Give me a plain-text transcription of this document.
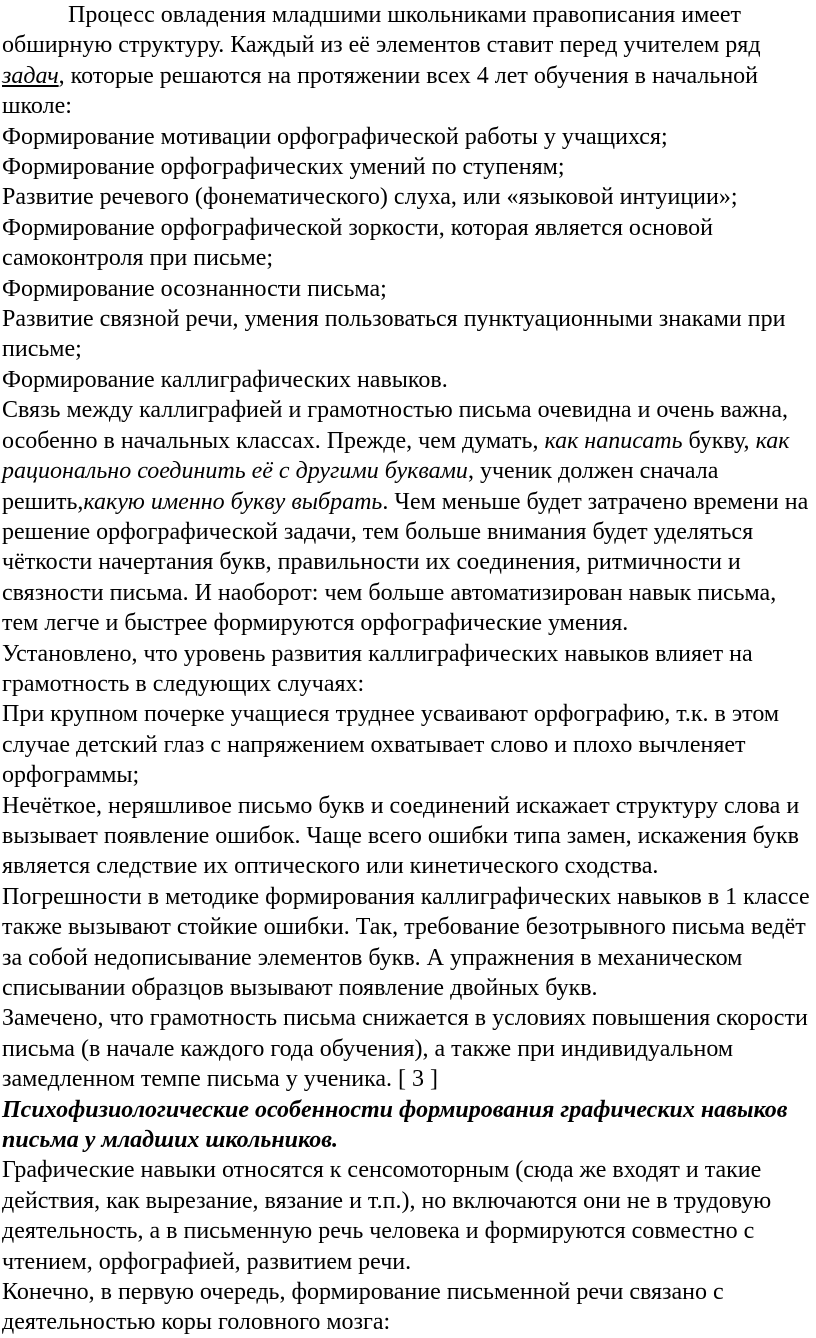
Процесс овладения младшими школьниками правописания имеет обширную структуру. Каждый из её элементов ставит перед учителем ряд задач, которые решаются на протяжении всех 4 лет обучения в начальной школе:

Формирование мотивации орфографической работы у учащихся;

Формирование орфографических умений по ступеням;

Развитие речевого (фонематического) слуха, или «языковой интуиции»;

Формирование орфографической зоркости, которая является основой самоконтроля при письме;

Формирование осознанности письма;

Развитие связной речи, умения пользоваться пунктуационными знаками при письме;

Формирование каллиграфических навыков.

Связь между каллиграфией и грамотностью письма очевидна и очень важна, особенно в начальных классах. Прежде, чем думать, как написать букву, как рационально соединить её с другими буквами, ученик должен сначала решить,какую именно букву выбрать. Чем меньше будет затрачено времени на решение орфографической задачи, тем больше внимания будет уделяться чёткости начертания букв, правильности их соединения, ритмичности и связности письма. И наоборот: чем больше автоматизирован навык письма, тем легче и быстрее формируются орфографические умения.

Установлено, что уровень развития каллиграфических навыков влияет на грамотность в следующих случаях:

При крупном почерке учащиеся труднее усваивают орфографию, т.к. в этом случае детский глаз с напряжением охватывает слово и плохо вычленяет орфограммы;

Нечёткое, неряшливое письмо букв и соединений искажает структуру слова и вызывает появление ошибок. Чаще всего ошибки типа замен, искажения букв является следствие их оптического или кинетического сходства.

Погрешности в методике формирования каллиграфических навыков в 1 классе также вызывают стойкие ошибки. Так, требование безотрывного письма ведёт за собой недописывание элементов букв. А упражнения в механическом списывании образцов вызывают появление двойных букв.

Замечено, что грамотность письма снижается в условиях повышения скорости письма (в начале каждого года обучения), а также при индивидуальном замедленном темпе письма у ученика. [ 3 ]

Психофизиологические особенности формирования графических навыков письма у младших школьников.

Графические навыки относятся к сенсомоторным (сюда же входят и такие действия, как вырезание, вязание и т.п.), но включаются они не в трудовую деятельность, а в письменную речь человека и формируются совместно с чтением, орфографией, развитием речи.

Конечно, в первую очередь, формирование письменной речи связано с деятельностью коры головного мозга:
